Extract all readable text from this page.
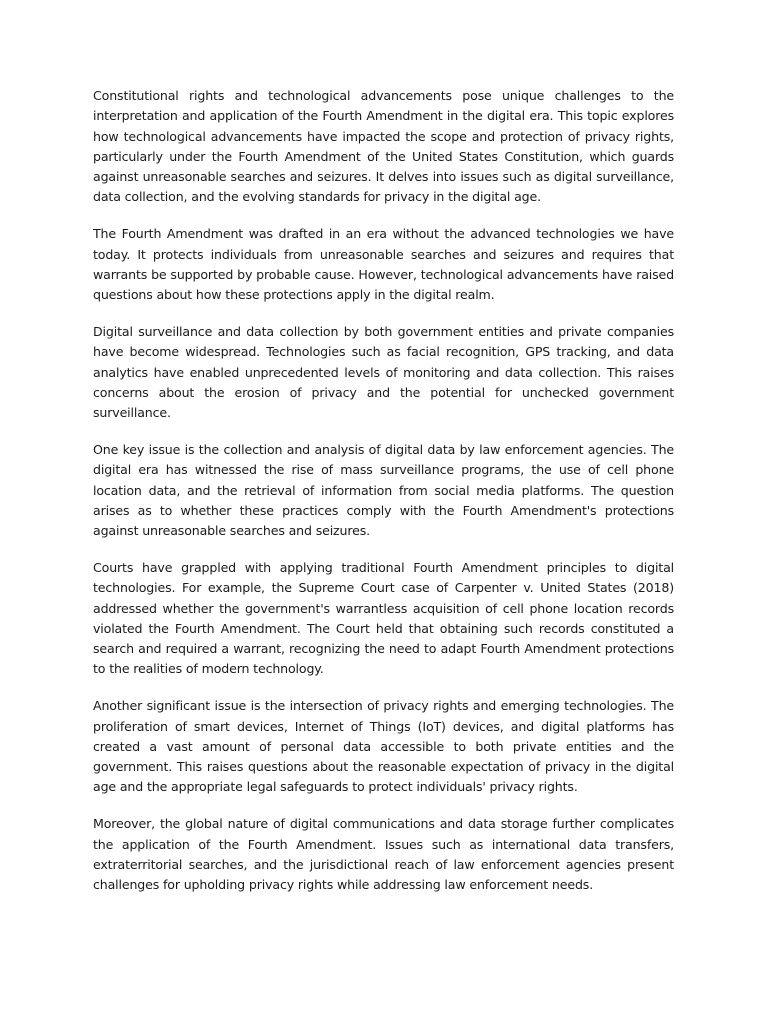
Constitutional rights and technological advancements pose unique challenges to the interpretation and application of the Fourth Amendment in the digital era. This topic explores how technological advancements have impacted the scope and protection of privacy rights, particularly under the Fourth Amendment of the United States Constitution, which guards against unreasonable searches and seizures. It delves into issues such as digital surveillance, data collection, and the evolving standards for privacy in the digital age.

The Fourth Amendment was drafted in an era without the advanced technologies we have today. It protects individuals from unreasonable searches and seizures and requires that warrants be supported by probable cause. However, technological advancements have raised questions about how these protections apply in the digital realm.

Digital surveillance and data collection by both government entities and private companies have become widespread. Technologies such as facial recognition, GPS tracking, and data analytics have enabled unprecedented levels of monitoring and data collection. This raises concerns about the erosion of privacy and the potential for unchecked government surveillance.

One key issue is the collection and analysis of digital data by law enforcement agencies. The digital era has witnessed the rise of mass surveillance programs, the use of cell phone location data, and the retrieval of information from social media platforms. The question arises as to whether these practices comply with the Fourth Amendment's protections against unreasonable searches and seizures.

Courts have grappled with applying traditional Fourth Amendment principles to digital technologies. For example, the Supreme Court case of Carpenter v. United States (2018) addressed whether the government's warrantless acquisition of cell phone location records violated the Fourth Amendment. The Court held that obtaining such records constituted a search and required a warrant, recognizing the need to adapt Fourth Amendment protections to the realities of modern technology.

Another significant issue is the intersection of privacy rights and emerging technologies. The proliferation of smart devices, Internet of Things (IoT) devices, and digital platforms has created a vast amount of personal data accessible to both private entities and the government. This raises questions about the reasonable expectation of privacy in the digital age and the appropriate legal safeguards to protect individuals' privacy rights.

Moreover, the global nature of digital communications and data storage further complicates the application of the Fourth Amendment. Issues such as international data transfers, extraterritorial searches, and the jurisdictional reach of law enforcement agencies present challenges for upholding privacy rights while addressing law enforcement needs.
